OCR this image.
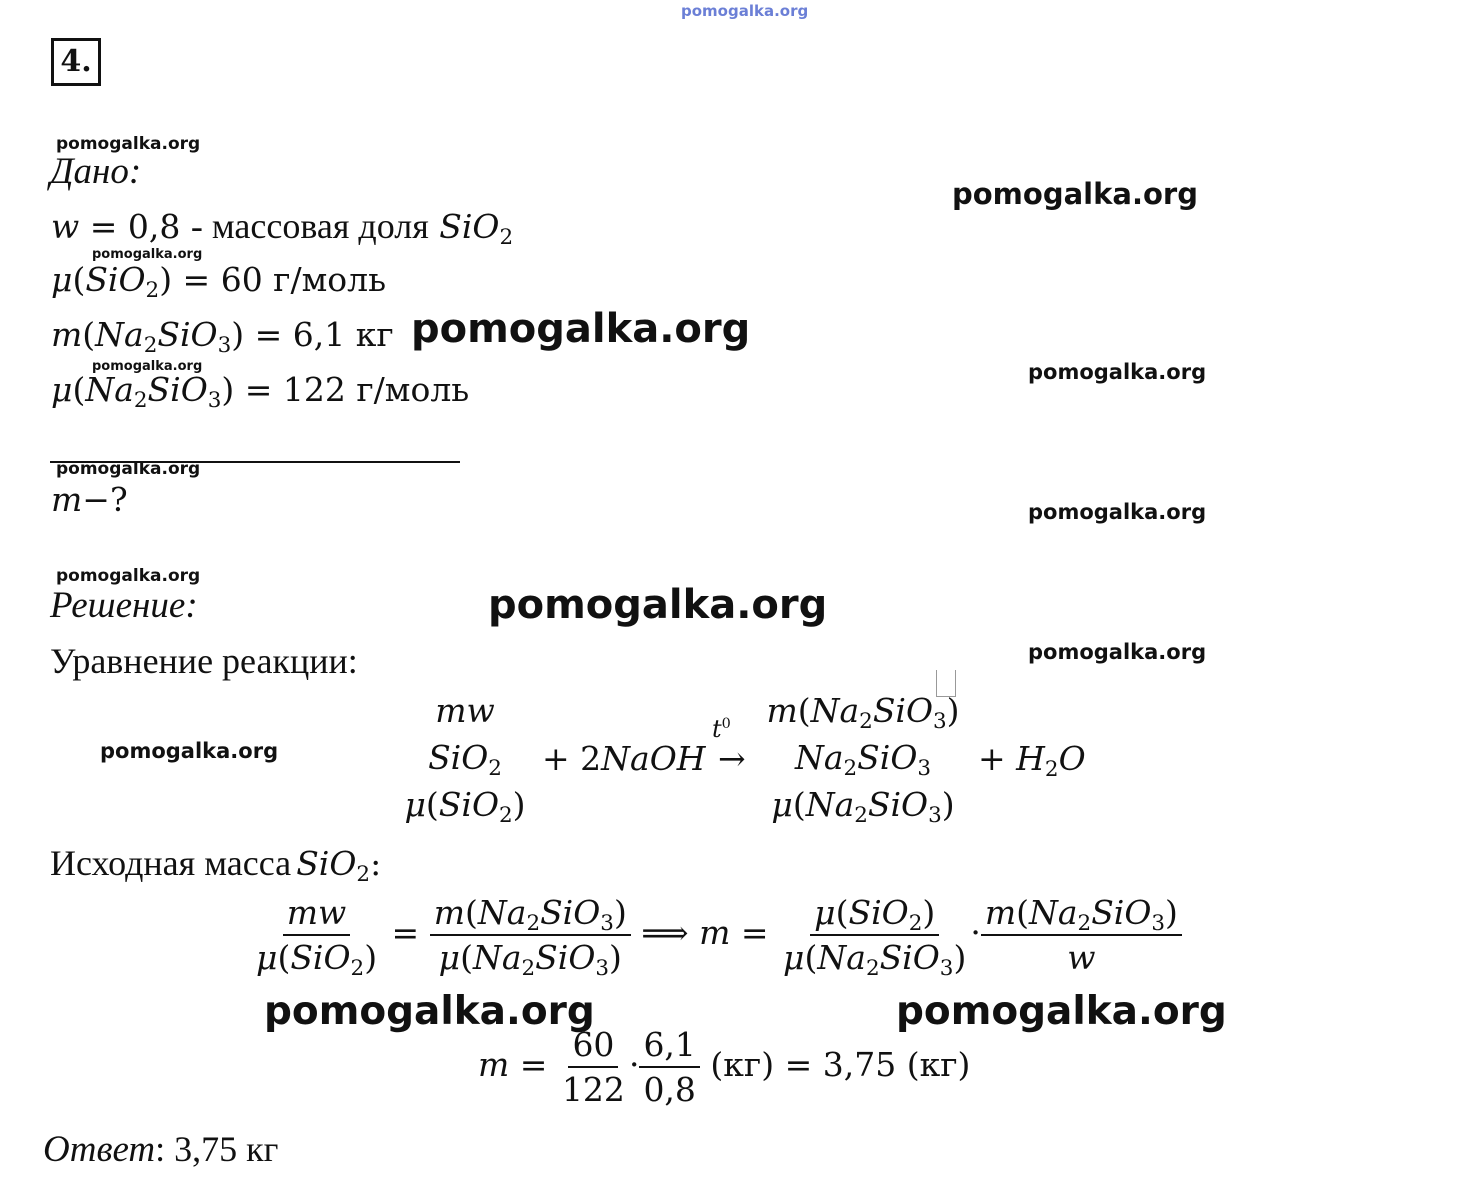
pomogalka.org
4.
pomogalka.org
Дано:
pomogalka.org
w = 0,8 - массовая доля SiO$_2$
pomogalka.org
μ(SiO$_2$) = 60 г/моль
$m(Na_2SiO_3) = 6,1$ кг pomogalka.org
pomogalka.org	pomogalka.org
$\mu(Na_2SiO_3) = 122$ г/моль
pomogalka.org
m−?	pomogalka.org
pomogalka.org
Решение:	pomogalka.org
Уравнение реакции:	pomogalka.org
pomogalka.org
mw
SiO$_2$
μ(SiO$_2$)
+ 2NaOH
$t^0$
→
$m(Na_2SiO_3)$
$Na_2SiO_3$
$\mu(Na_2SiO_3)$
+ $H_2O$
Исходная масса SiO$_2$:
$\frac{mw}{\mu(SiO_2)} = \frac{m(Na_2SiO_3)}{\mu(Na_2SiO_3)}$ ⟹ $m = \frac{\mu(SiO_2)}{\mu(Na_2SiO_3)} \cdot \frac{m(Na_2SiO_3)}{w}$
pomogalka.org	pomogalka.org
$m = \frac{60}{122} \cdot \frac{6,1}{0,8} (кг) = 3,75$ (кг)
Ответ: 3,75 кг
